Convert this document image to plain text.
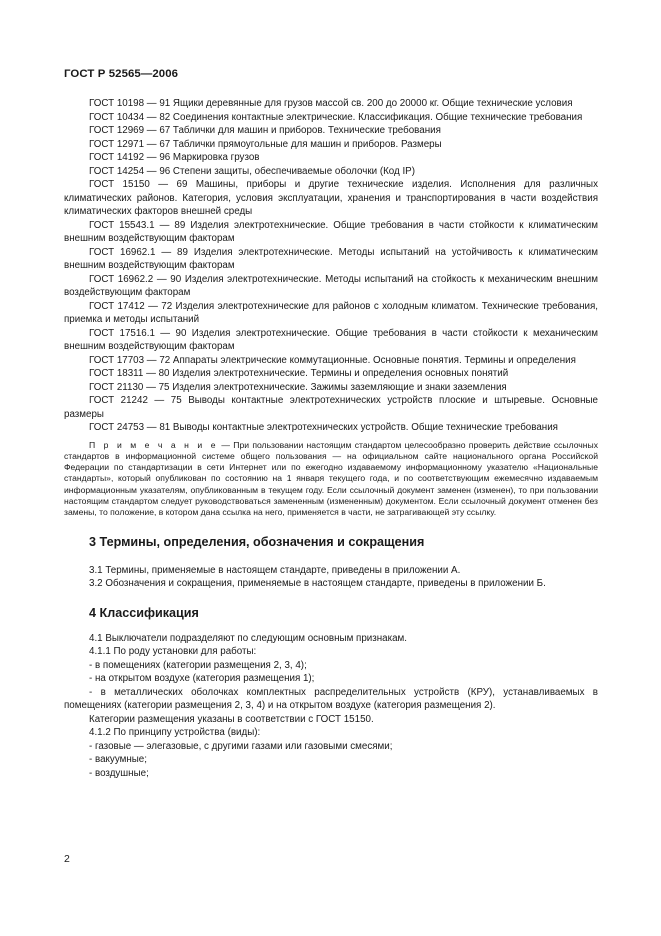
ГОСТ Р 52565—2006

ГОСТ 10198 — 91 Ящики деревянные для грузов массой св. 200 до 20000 кг. Общие технические условия

ГОСТ 10434 — 82 Соединения контактные электрические. Классификация. Общие технические требования

ГОСТ 12969 — 67 Таблички для машин и приборов. Технические требования

ГОСТ 12971 — 67 Таблички прямоугольные для машин и приборов. Размеры

ГОСТ 14192 — 96 Маркировка грузов

ГОСТ 14254 — 96 Степени защиты, обеспечиваемые оболочки (Код IP)

ГОСТ 15150 — 69 Машины, приборы и другие технические изделия. Исполнения для различных климатических районов. Категория, условия эксплуатации, хранения и транспортирования в части воздействия климатических факторов внешней среды

ГОСТ 15543.1 — 89 Изделия электротехнические. Общие требования в части стойкости к климатическим внешним воздействующим факторам

ГОСТ 16962.1 — 89 Изделия электротехнические. Методы испытаний на устойчивость к климатическим внешним воздействующим факторам

ГОСТ 16962.2 — 90 Изделия электротехнические. Методы испытаний на стойкость к механическим внешним воздействующим факторам

ГОСТ 17412 — 72 Изделия электротехнические для районов с холодным климатом. Технические требования, приемка и методы испытаний

ГОСТ 17516.1 — 90 Изделия электротехнические. Общие требования в части стойкости к механическим внешним воздействующим факторам

ГОСТ 17703 — 72 Аппараты электрические коммутационные. Основные понятия. Термины и определения

ГОСТ 18311 — 80 Изделия электротехнические. Термины и определения основных понятий

ГОСТ 21130 — 75 Изделия электротехнические. Зажимы заземляющие и знаки заземления

ГОСТ 21242 — 75 Выводы контактные электротехнических устройств плоские и штыревые. Основные размеры

ГОСТ 24753 — 81 Выводы контактные электротехнических устройств. Общие технические требования

П р и м е ч а н и е — При пользовании настоящим стандартом целесообразно проверить действие ссылочных стандартов в информационной системе общего пользования — на официальном сайте национального органа Российской Федерации по стандартизации в сети Интернет или по ежегодно издаваемому информационному указателю «Национальные стандарты», который опубликован по состоянию на 1 января текущего года, и по соответствующим ежемесячно издаваемым информационным указателям, опубликованным в текущем году. Если ссылочный документ заменен (изменен), то при пользовании настоящим стандартом следует руководствоваться замененным (измененным) документом. Если ссылочный документ отменен без замены, то положение, в котором дана ссылка на него, применяется в части, не затрагивающей эту ссылку.

3 Термины, определения, обозначения и сокращения

3.1 Термины, применяемые в настоящем стандарте, приведены в приложении А.

3.2 Обозначения и сокращения, применяемые в настоящем стандарте, приведены в приложении Б.

4 Классификация

4.1 Выключатели подразделяют по следующим основным признакам.

4.1.1 По роду установки для работы:

- в помещениях (категории размещения 2, 3, 4);

- на открытом воздухе (категория размещения 1);

- в металлических оболочках комплектных распределительных устройств (КРУ), устанавливаемых в помещениях (категории размещения 2, 3, 4) и на открытом воздухе (категория размещения 2).

Категории размещения указаны в соответствии с ГОСТ 15150.

4.1.2 По принципу устройства (виды):

- газовые — элегазовые, с другими газами или газовыми смесями;

- вакуумные;

- воздушные;

2
